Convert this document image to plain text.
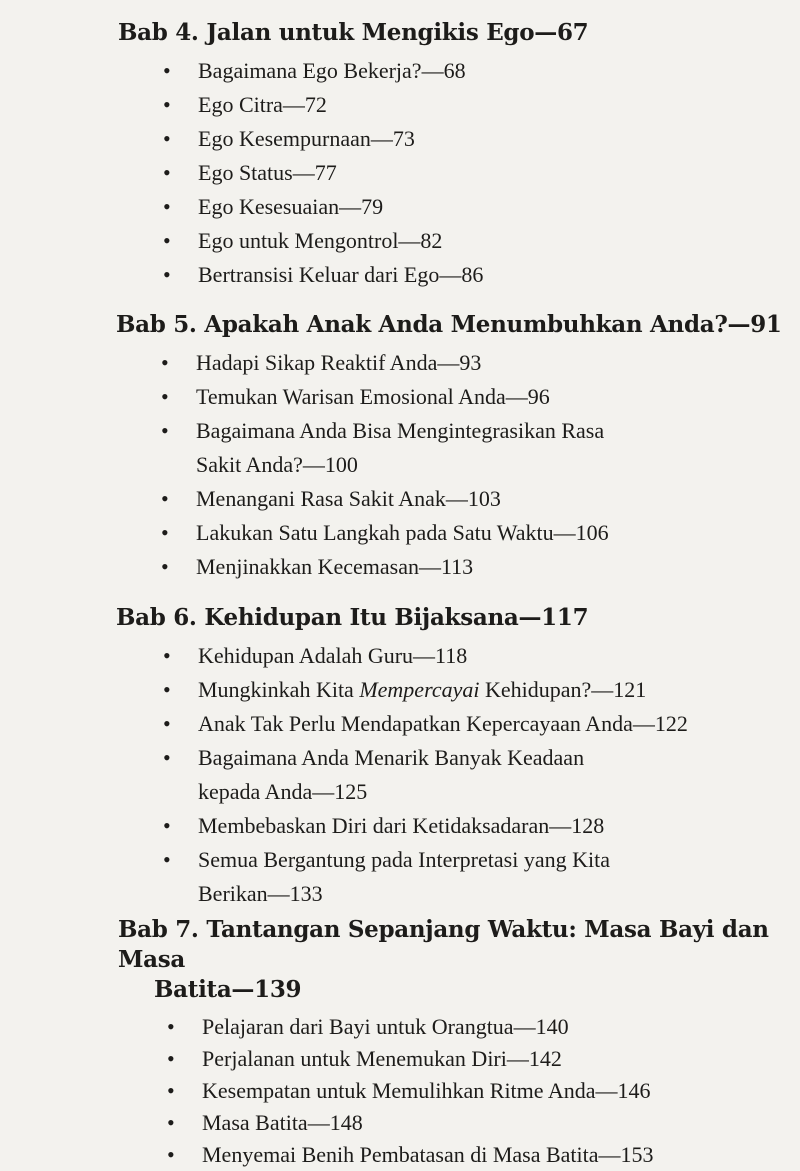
Bab 4. Jalan untuk Mengikis Ego—67
• Bagaimana Ego Bekerja?—68
• Ego Citra—72
• Ego Kesempurnaan—73
• Ego Status—77
• Ego Kesesuaian—79
• Ego untuk Mengontrol—82
• Bertransisi Keluar dari Ego—86
Bab 5. Apakah Anak Anda Menumbuhkan Anda?—91
• Hadapi Sikap Reaktif Anda—93
• Temukan Warisan Emosional Anda—96
• Bagaimana Anda Bisa Mengintegrasikan Rasa
Sakit Anda?—100
• Menangani Rasa Sakit Anak—103
• Lakukan Satu Langkah pada Satu Waktu—106
• Menjinakkan Kecemasan—113
Bab 6. Kehidupan Itu Bijaksana—117
• Kehidupan Adalah Guru—118
• Mungkinkah Kita Mempercayai Kehidupan?—121
• Anak Tak Perlu Mendapatkan Kepercayaan Anda—122
• Bagaimana Anda Menarik Banyak Keadaan
kepada Anda—125
• Membebaskan Diri dari Ketidaksadaran—128
• Semua Bergantung pada Interpretasi yang Kita
Berikan—133
Bab 7. Tantangan Sepanjang Waktu: Masa Bayi dan Masa
Batita—139
• Pelajaran dari Bayi untuk Orangtua—140
• Perjalanan untuk Menemukan Diri—142
• Kesempatan untuk Memulihkan Ritme Anda—146
• Masa Batita—148
• Menyemai Benih Pembatasan di Masa Batita—153
